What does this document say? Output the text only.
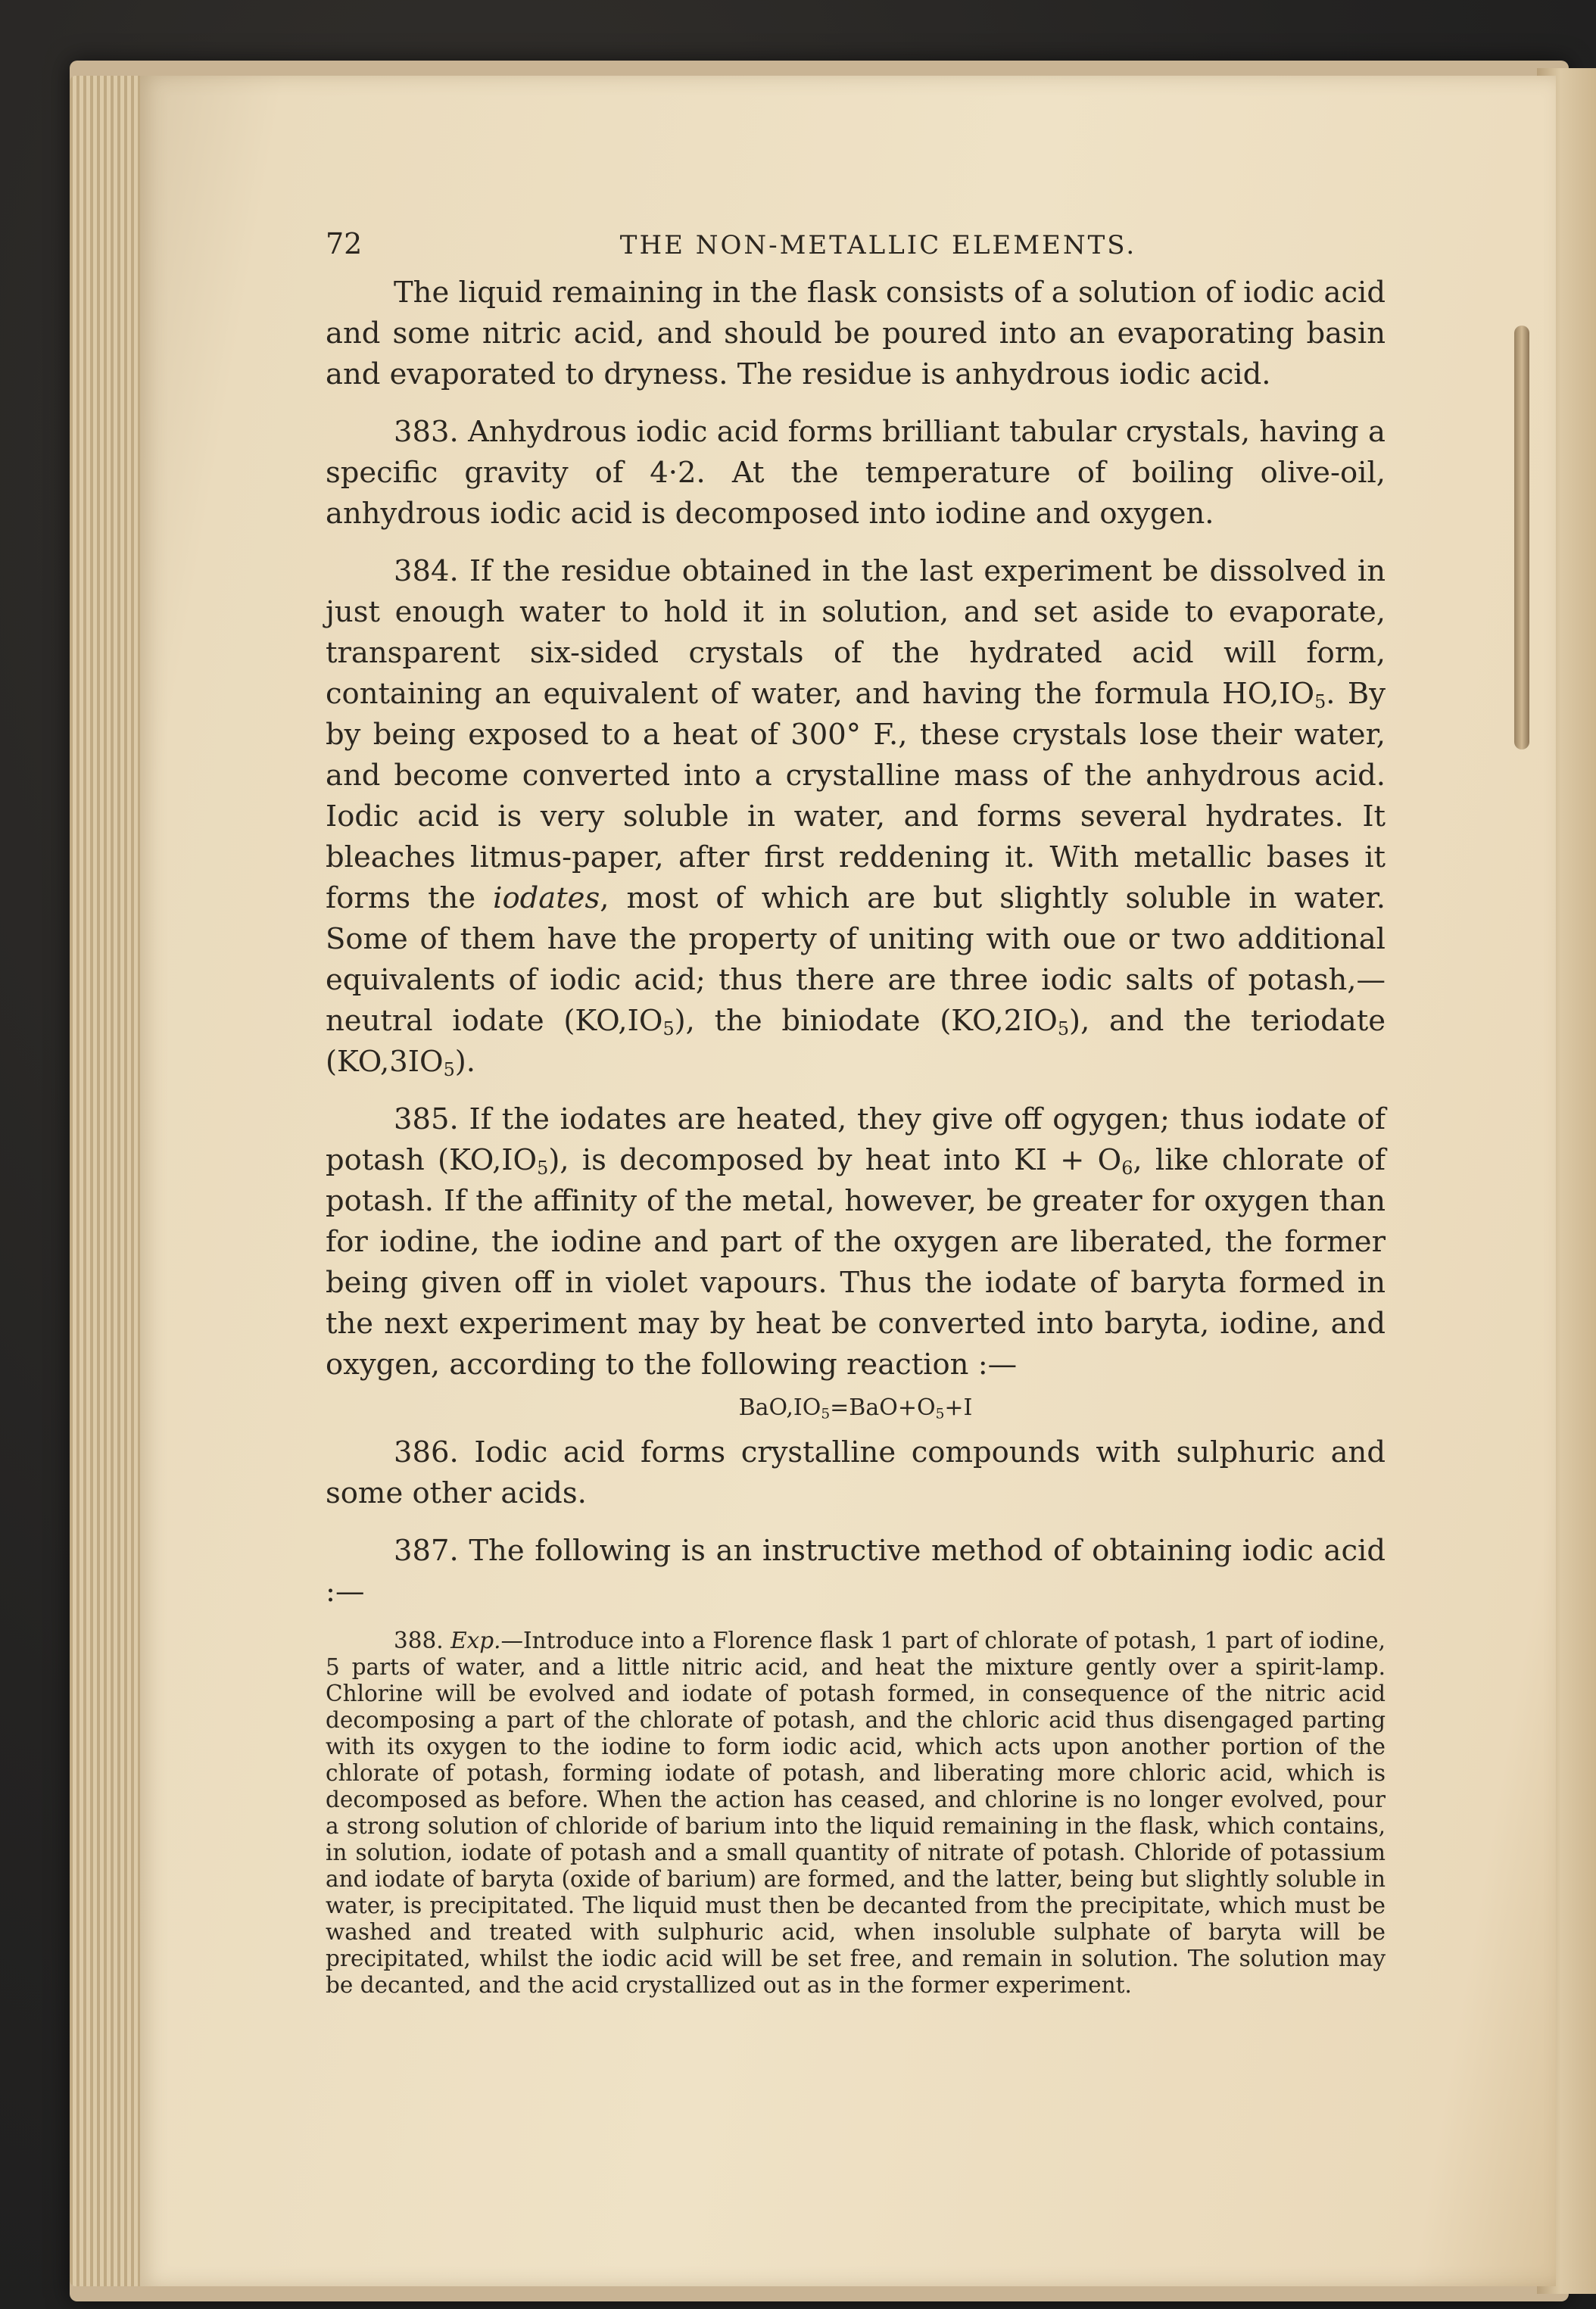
72	THE NON-METALLIC ELEMENTS.

The liquid remaining in the flask consists of a solution of iodic acid and some nitric acid, and should be poured into an evaporating basin and evaporated to dryness. The residue is anhydrous iodic acid.

383. Anhydrous iodic acid forms brilliant tabular crystals, having a specific gravity of 4·2. At the temperature of boiling olive-oil, anhydrous iodic acid is decomposed into iodine and oxygen.

384. If the residue obtained in the last experiment be dissolved in just enough water to hold it in solution, and set aside to evaporate, transparent six-sided crystals of the hydrated acid will form, containing an equivalent of water, and having the formula $HO,IO_5$. By by being exposed to a heat of 300° F., these crystals lose their water, and become converted into a crystalline mass of the anhydrous acid. Iodic acid is very soluble in water, and forms several hydrates. It bleaches litmus-paper, after first reddening it. With metallic bases it forms the iodates, most of which are but slightly soluble in water. Some of them have the property of uniting with oue or two additional equivalents of iodic acid; thus there are three iodic salts of potash,—neutral iodate $(KO,IO_5)$, the biniodate $(KO,2IO_5)$, and the teriodate $(KO,3IO_5)$.

385. If the iodates are heated, they give off ogygen; thus iodate of potash $(KO,IO_5)$, is decomposed by heat into KI + $O_6$, like chlorate of potash. If the affinity of the metal, however, be greater for oxygen than for iodine, the iodine and part of the oxygen are liberated, the former being given off in violet vapours. Thus the iodate of baryta formed in the next experiment may by heat be converted into baryta, iodine, and oxygen, according to the following reaction :—

$BaO,IO_5=BaO+O_5+I$

386. Iodic acid forms crystalline compounds with sulphuric and some other acids.

387. The following is an instructive method of obtaining iodic acid :—

388. Exp.—Introduce into a Florence flask 1 part of chlorate of potash, 1 part of iodine, 5 parts of water, and a little nitric acid, and heat the mixture gently over a spirit-lamp. Chlorine will be evolved and iodate of potash formed, in consequence of the nitric acid decomposing a part of the chlorate of potash, and the chloric acid thus disengaged parting with its oxygen to the iodine to form iodic acid, which acts upon another portion of the chlorate of potash, forming iodate of potash, and liberating more chloric acid, which is decomposed as before. When the action has ceased, and chlorine is no longer evolved, pour a strong solution of chloride of barium into the liquid remaining in the flask, which contains, in solution, iodate of potash and a small quantity of nitrate of potash. Chloride of potassium and iodate of baryta (oxide of barium) are formed, and the latter, being but slightly soluble in water, is precipitated. The liquid must then be decanted from the precipitate, which must be washed and treated with sulphuric acid, when insoluble sulphate of baryta will be precipitated, whilst the iodic acid will be set free, and remain in solution. The solution may be decanted, and the acid crystallized out as in the former experiment.
